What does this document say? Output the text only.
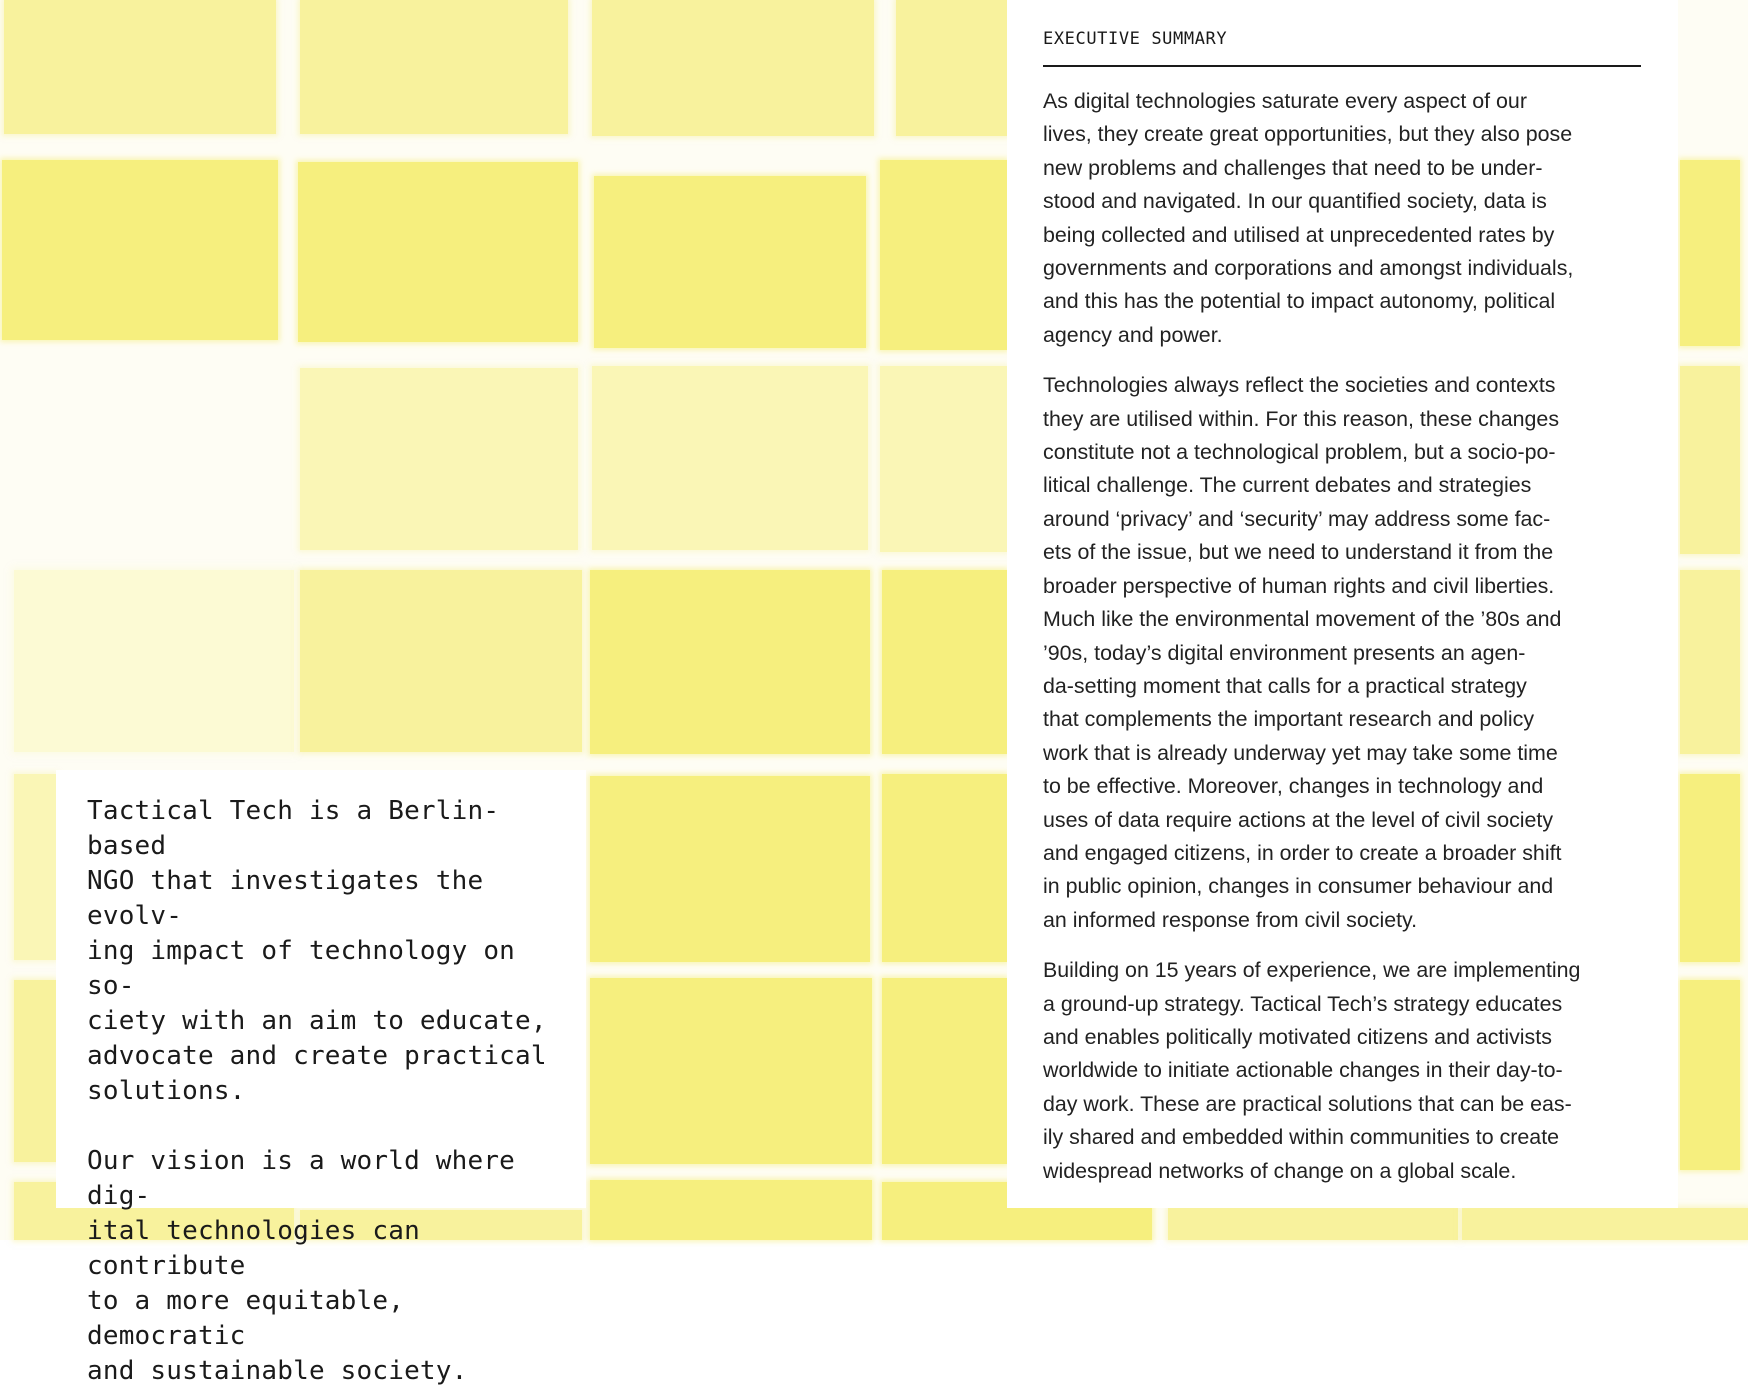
Tactical Tech is a Berlin-based
NGO that investigates the evolv-
ing impact of technology on so-
ciety with an aim to educate,
advocate and create practical
solutions.

Our vision is a world where dig-
ital technologies can contribute
to a more equitable, democratic
and sustainable society.

EXECUTIVE SUMMARY

As digital technologies saturate every aspect of our
lives, they create great opportunities, but they also pose
new problems and challenges that need to be under-
stood and navigated. In our quantified society, data is
being collected and utilised at unprecedented rates by
governments and corporations and amongst individuals,
and this has the potential to impact autonomy, political
agency and power.

Technologies always reflect the societies and contexts
they are utilised within. For this reason, these changes
constitute not a technological problem, but a socio-po-
litical challenge. The current debates and strategies
around ‘privacy’ and ‘security’ may address some fac-
ets of the issue, but we need to understand it from the
broader perspective of human rights and civil liberties.
Much like the environmental movement of the ’80s and
’90s, today’s digital environment presents an agen-
da-setting moment that calls for a practical strategy
that complements the important research and policy
work that is already underway yet may take some time
to be effective. Moreover, changes in technology and
uses of data require actions at the level of civil society
and engaged citizens, in order to create a broader shift
in public opinion, changes in consumer behaviour and
an informed response from civil society.

Building on 15 years of experience, we are implementing
a ground-up strategy. Tactical Tech’s strategy educates
and enables politically motivated citizens and activists
worldwide to initiate actionable changes in their day-to-
day work. These are practical solutions that can be eas-
ily shared and embedded within communities to create
widespread networks of change on a global scale.
